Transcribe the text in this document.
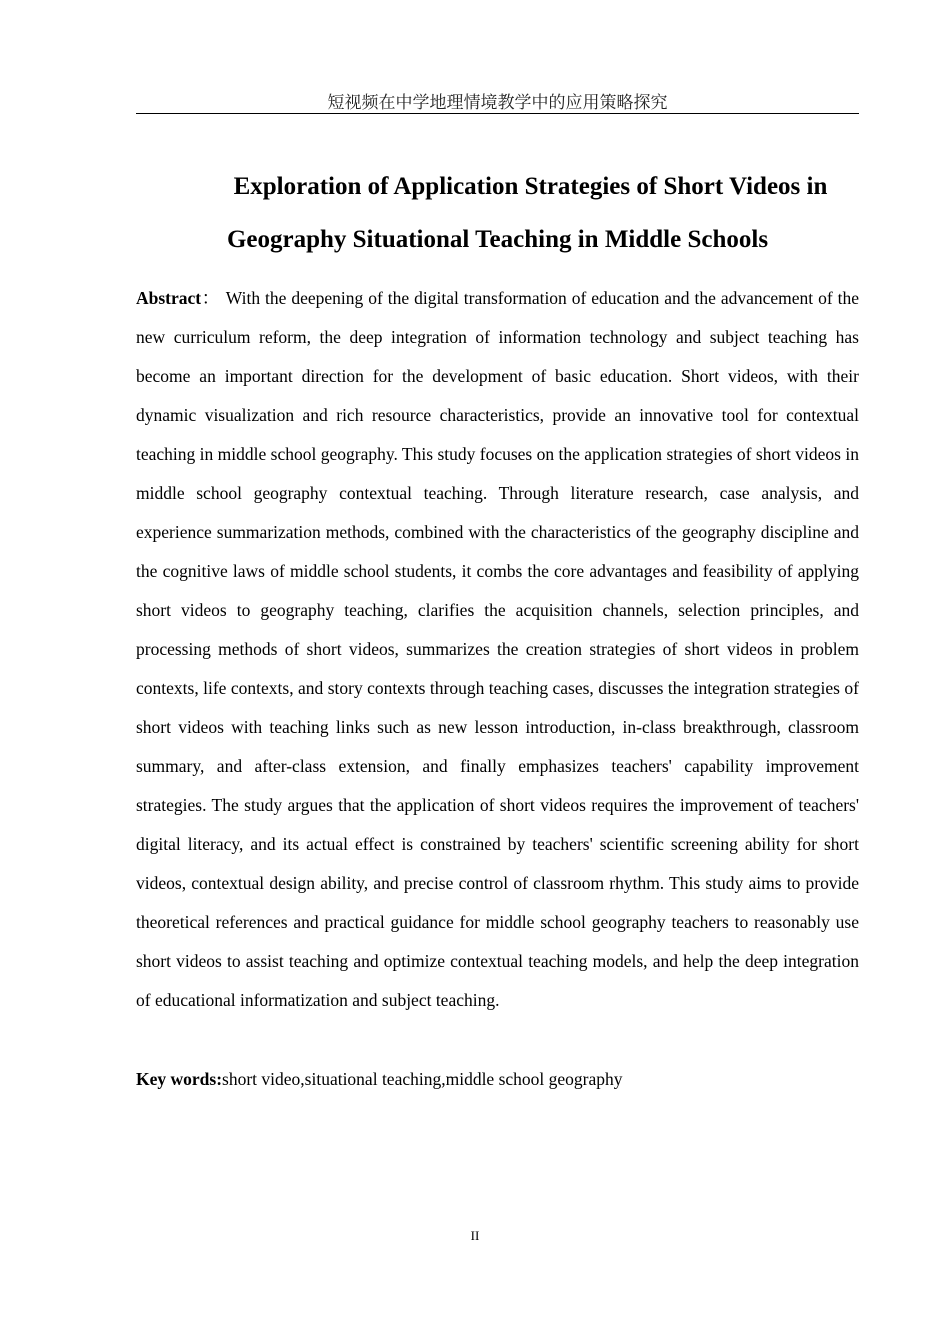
短视频在中学地理情境教学中的应用策略探究
Exploration of Application Strategies of Short Videos in
Geography Situational Teaching in Middle Schools

Abstract： With the deepening of the digital transformation of education and the advancement of the new curriculum reform, the deep integration of information technology and subject teaching has become an important direction for the development of basic education. Short videos, with their dynamic visualization and rich resource characteristics, provide an innovative tool for contextual teaching in middle school geography. This study focuses on the application strategies of short videos in middle school geography contextual teaching. Through literature research, case analysis, and experience summarization methods, combined with the characteristics of the geography discipline and the cognitive laws of middle school students, it combs the core advantages and feasibility of applying short videos to geography teaching, clarifies the acquisition channels, selection principles, and processing methods of short videos, summarizes the creation strategies of short videos in problem contexts, life contexts, and story contexts through teaching cases, discusses the integration strategies of short videos with teaching links such as new lesson introduction, in-class breakthrough, classroom summary, and after-class extension, and finally emphasizes teachers' capability improvement strategies. The study argues that the application of short videos requires the improvement of teachers' digital literacy, and its actual effect is constrained by teachers' scientific screening ability for short videos, contextual design ability, and precise control of classroom rhythm. This study aims to provide theoretical references and practical guidance for middle school geography teachers to reasonably use short videos to assist teaching and optimize contextual teaching models, and help the deep integration of educational informatization and subject teaching.

Key words:short video,situational teaching,middle school geography

II
